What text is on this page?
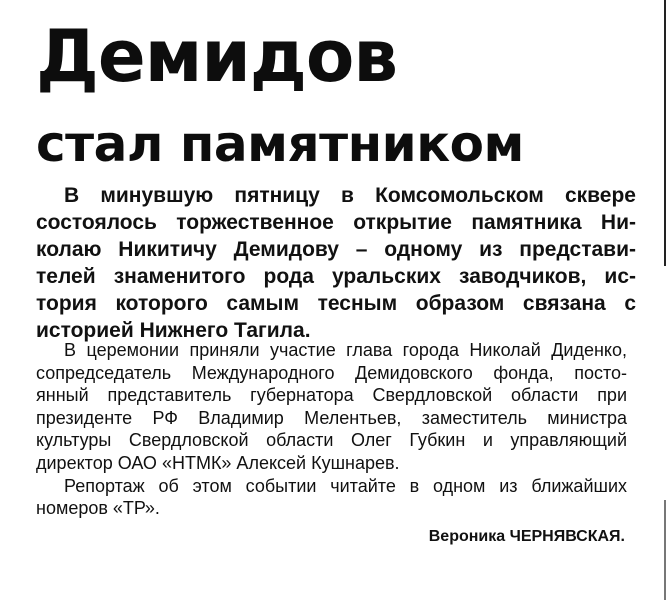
Демидов
стал памятником

В минувшую пятницу в Комсомольском сквере
состоялось торжественное открытие памятника Ни-
колаю Никитичу Демидову – одному из представи-
телей знаменитого рода уральских заводчиков, ис-
тория которого самым тесным образом связана с
историей Нижнего Тагила.

В церемонии приняли участие глава города Николай Диденко,
сопредседатель Международного Демидовского фонда, посто-
янный представитель губернатора Свердловской области при
президенте РФ Владимир Мелентьев, заместитель министра
культуры Свердловской области Олег Губкин и управляющий
директор ОАО «НТМК» Алексей Кушнарев.
Репортаж об этом событии читайте в одном из ближайших
номеров «ТР».
Вероника ЧЕРНЯВСКАЯ.
